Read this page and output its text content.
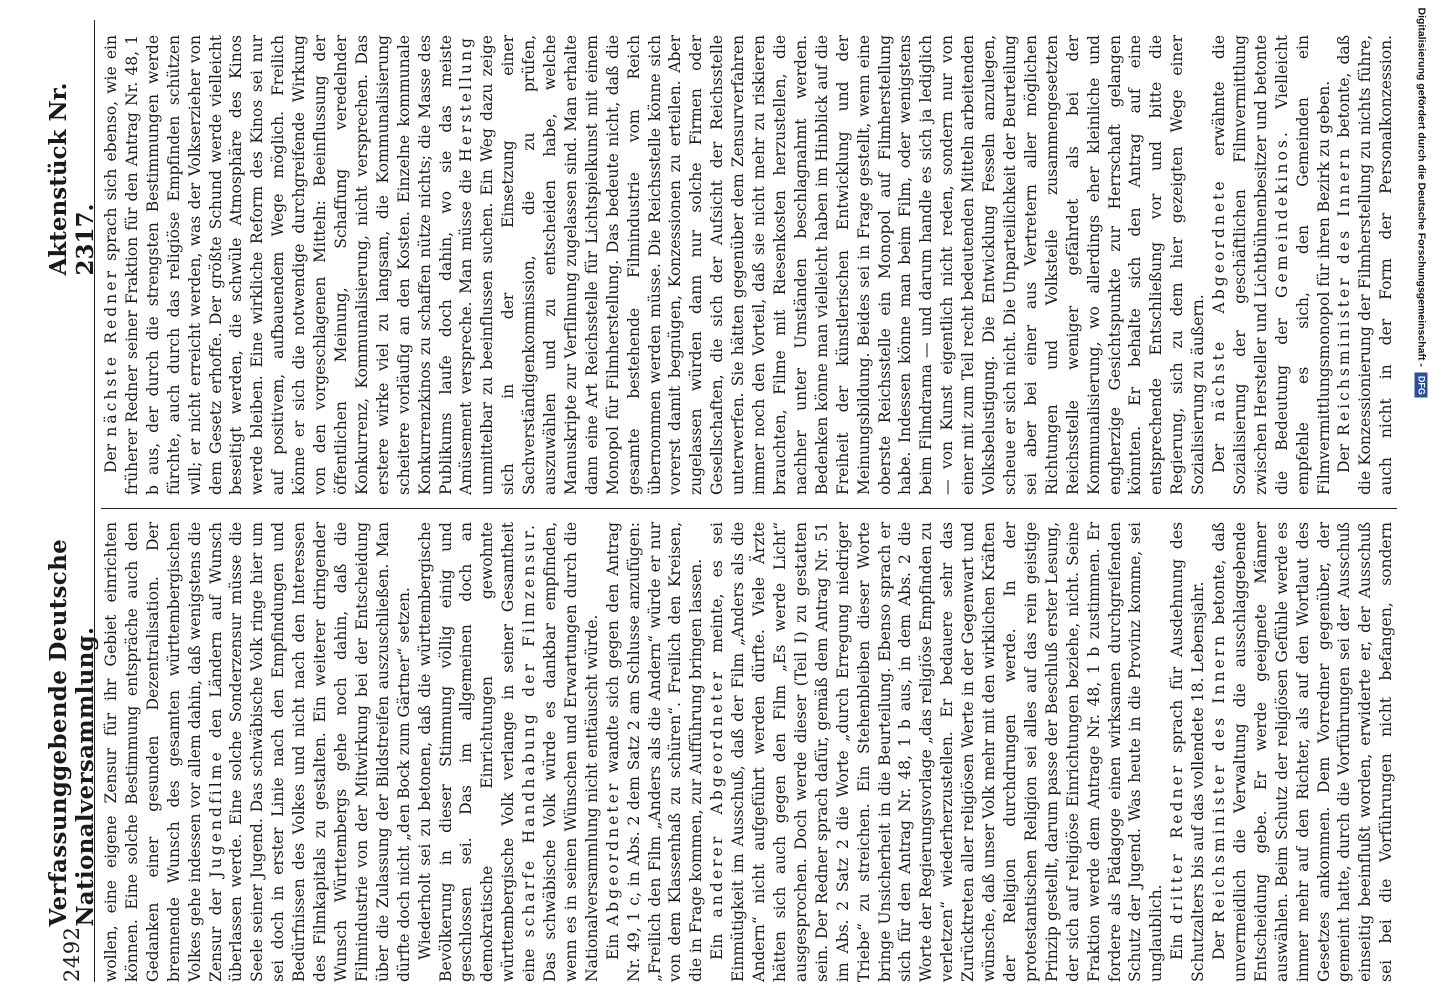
2492
Verfassunggebende Deutsche Nationalversammlung.
Aktenstück Nr. 2317.

wollen, eine eigene Zensur für ihr Gebiet einrichten können. Eine solche Bestimmung entspräche auch den Gedanken einer gesunden Dezentralisation. Der brennende Wunsch des gesamten württembergischen Volkes gehe indessen vor allem dahin, daß wenigstens die Zensur der Jugendfilme den Ländern auf Wunsch überlassen werde. Eine solche Sonderzensur müsse die Seele seiner Jugend. Das schwäbische Volk ringe hier um sei doch in erster Linie nach den Empfindungen und Bedürfnissen des Volkes und nicht nach den Interessen des Filmkapitals zu gestalten. Ein weiterer dringender Wunsch Württembergs gehe noch dahin, daß die Filmindustrie von der Mitwirkung bei der Entscheidung über die Zulassung der Bildstreifen auszuschließen. Man dürfte doch nicht „den Bock zum Gärtner“ setzen. Wiederholt sei zu betonen, daß die württembergische Bevölkerung in dieser Stimmung völlig einig und geschlossen sei. Das im allgemeinen doch an demokratische Einrichtungen gewohnte württembergische Volk verlange in seiner Gesamtheit eine scharfe Handhabung der Filmzensur. Das schwäbische Volk würde es dankbar empfinden, wenn es in seinen Wünschen und Erwartungen durch die Nationalversammlung nicht enttäuscht würde. Ein Abgeordneter wandte sich gegen den Antrag Nr. 49, 1 c, in Abs. 2 dem Satz 2 am Schlusse anzufügen: „Freilich den Film „Anders als die Andern“ würde er nur von dem Klassenhaß zu schüren“. Freilich den Kreisen, die in Frage kommen, zur Aufführung bringen lassen. Ein anderer Abgeordneter meinte, es sei Einmütigkeit im Ausschuß, daß der Film „Anders als die Andern“ nicht aufgeführt werden dürfte. Viele Ärzte hätten sich auch gegen den Film „Es werde Licht“ ausgesprochen. Doch werde dieser (Teil I) zu gestatten sein. Der Redner sprach dafür, gemäß dem Antrag Nr. 51 im Abs. 2 Satz 2 die Worte „durch Erregung niedriger Triebe“ zu streichen. Ein Stehenbleiben dieser Worte bringe Unsicherheit in die Beurteilung. Ebenso sprach er sich für den Antrag Nr. 48, 1 b aus, in dem Abs. 2 die Worte der Regierungsvorlage „das religiöse Empfinden zu verletzen“ wiederherzustellen. Er bedauere sehr das Zurücktreten aller religiösen Werte in der Gegenwart und wünsche, daß unser Volk mehr mit den wirklichen Kräften der Religion durchdrungen werde. In der protestantischen Religion sei alles auf das rein geistige Prinzip gestellt, darum passe der Beschluß erster Lesung, der sich auf religiöse Einrichtungen beziehe, nicht. Seine Fraktion werde dem Antrage Nr. 48, 1 b zustimmen. Er fordere als Pädagoge einen wirksamen durchgreifenden Schutz der Jugend. Was heute in die Provinz komme, sei unglaublich. Ein dritter Redner sprach für Ausdehnung des Schutzalters bis auf das vollendete 18. Lebensjahr. Der Reichsminister des Innern betonte, daß unvermeidlich die Verwaltung die ausschlaggebende Entscheidung gebe. Er werde geeignete Männer auswählen. Beim Schutz der religiösen Gefühle werde es immer mehr auf den Richter, als auf den Wortlaut des Gesetzes ankommen. Dem Vorredner gegenüber, der gemeint hatte, durch die Vorführungen sei der Ausschuß einseitig beeinflußt worden, erwiderte er, der Ausschuß sei bei die Vorführungen nicht befangen, sondern

Der nächste Redner sprach sich ebenso, wie ein früherer Redner seiner Fraktion für den Antrag Nr. 48, 1 b aus, der durch die strengsten Bestimmungen werde fürchte, auch durch das religiöse Empfinden schützen will; er nicht erreicht werden, was der Volkserzieher von dem Gesetz erhoffe. Der größte Schund werde vielleicht beseitigt werden, die schwüle Atmosphäre des Kinos werde bleiben. Eine wirkliche Reform des Kinos sei nur auf positivem, aufbauendem Wege möglich. Freilich könne er sich die notwendige durchgreifende Wirkung von den vorgeschlagenen Mitteln: Beeinflussung der öffentlichen Meinung, Schaffung veredelnder Konkurrenz, Kommunalisierung, nicht versprechen. Das erstere wirke viel zu langsam, die Kommunalisierung scheitere vorläufig an den Kosten. Einzelne kommunale Konkurrenzkinos zu schaffen nütze nichts; die Masse des Publikums laufe doch dahin, wo sie das meiste Amüsement verspreche. Man müsse die Herstellung unmittelbar zu beeinflussen suchen. Ein Weg dazu zeige sich in der Einsetzung einer Sachverständigenkommission, die zu prüfen, auszuwählen und zu entscheiden habe, welche Manuskripte zur Verfilmung zugelassen sind. Man erhalte dann eine Art Reichsstelle für Lichtspielkunst mit einem Monopol für Filmherstellung. Das bedeute nicht, daß die gesamte bestehende Filmindustrie vom Reich übernommen werden müsse. Die Reichsstelle könne sich vorerst damit begnügen, Konzessionen zu erteilen. Aber zugelassen würden dann nur solche Firmen oder Gesellschaften, die sich der Aufsicht der Reichsstelle unterwerfen. Sie hätten gegenüber dem Zensurverfahren immer noch den Vorteil, daß sie nicht mehr zu riskieren brauchten, Filme mit Riesenkosten herzustellen, die nachher unter Umständen beschlagnahmt werden. Bedenken könne man vielleicht haben im Hinblick auf die Freiheit der künstlerischen Entwicklung und der Meinungsbildung. Beides sei in Frage gestellt, wenn eine oberste Reichsstelle ein Monopol auf Filmherstellung habe. Indessen könne man beim Film, oder wenigstens beim Filmdrama — und darum handle es sich ja lediglich — von Kunst eigentlich nicht reden, sondern nur von einer mit zum Teil recht bedeutenden Mitteln arbeitenden Volksbelustigung. Die Entwicklung Fesseln anzulegen, scheue er sich nicht. Die Unparteilichkeit der Beurteilung sei aber bei einer aus Vertretern aller möglichen Richtungen und Volksteile zusammengesetzten Reichsstelle weniger gefährdet als bei der Kommunalisierung, wo allerdings eher kleinliche und engherzige Gesichtspunkte zur Herrschaft gelangen könnten. Er behalte sich den Antrag auf eine entsprechende Entschließung vor und bitte die Regierung, sich zu dem hier gezeigten Wege einer Sozialisierung zu äußern. Der nächste Abgeordnete erwähnte die Sozialisierung der geschäftlichen Filmvermittlung zwischen Hersteller und Lichtbühnenbesitzer und betonte die Bedeutung der Gemeindekinos. Vielleicht empfehle es sich, den Gemeinden ein Filmvermittlungsmonopol für ihren Bezirk zu geben. Der Reichsminister des Innern betonte, daß die Konzessionierung der Filmherstellung zu nichts führe, auch nicht in der Form der Personalkonzession.	Digitalisierung gefördert durch die Deutsche Forschungsgemeinschaft -
DFG
